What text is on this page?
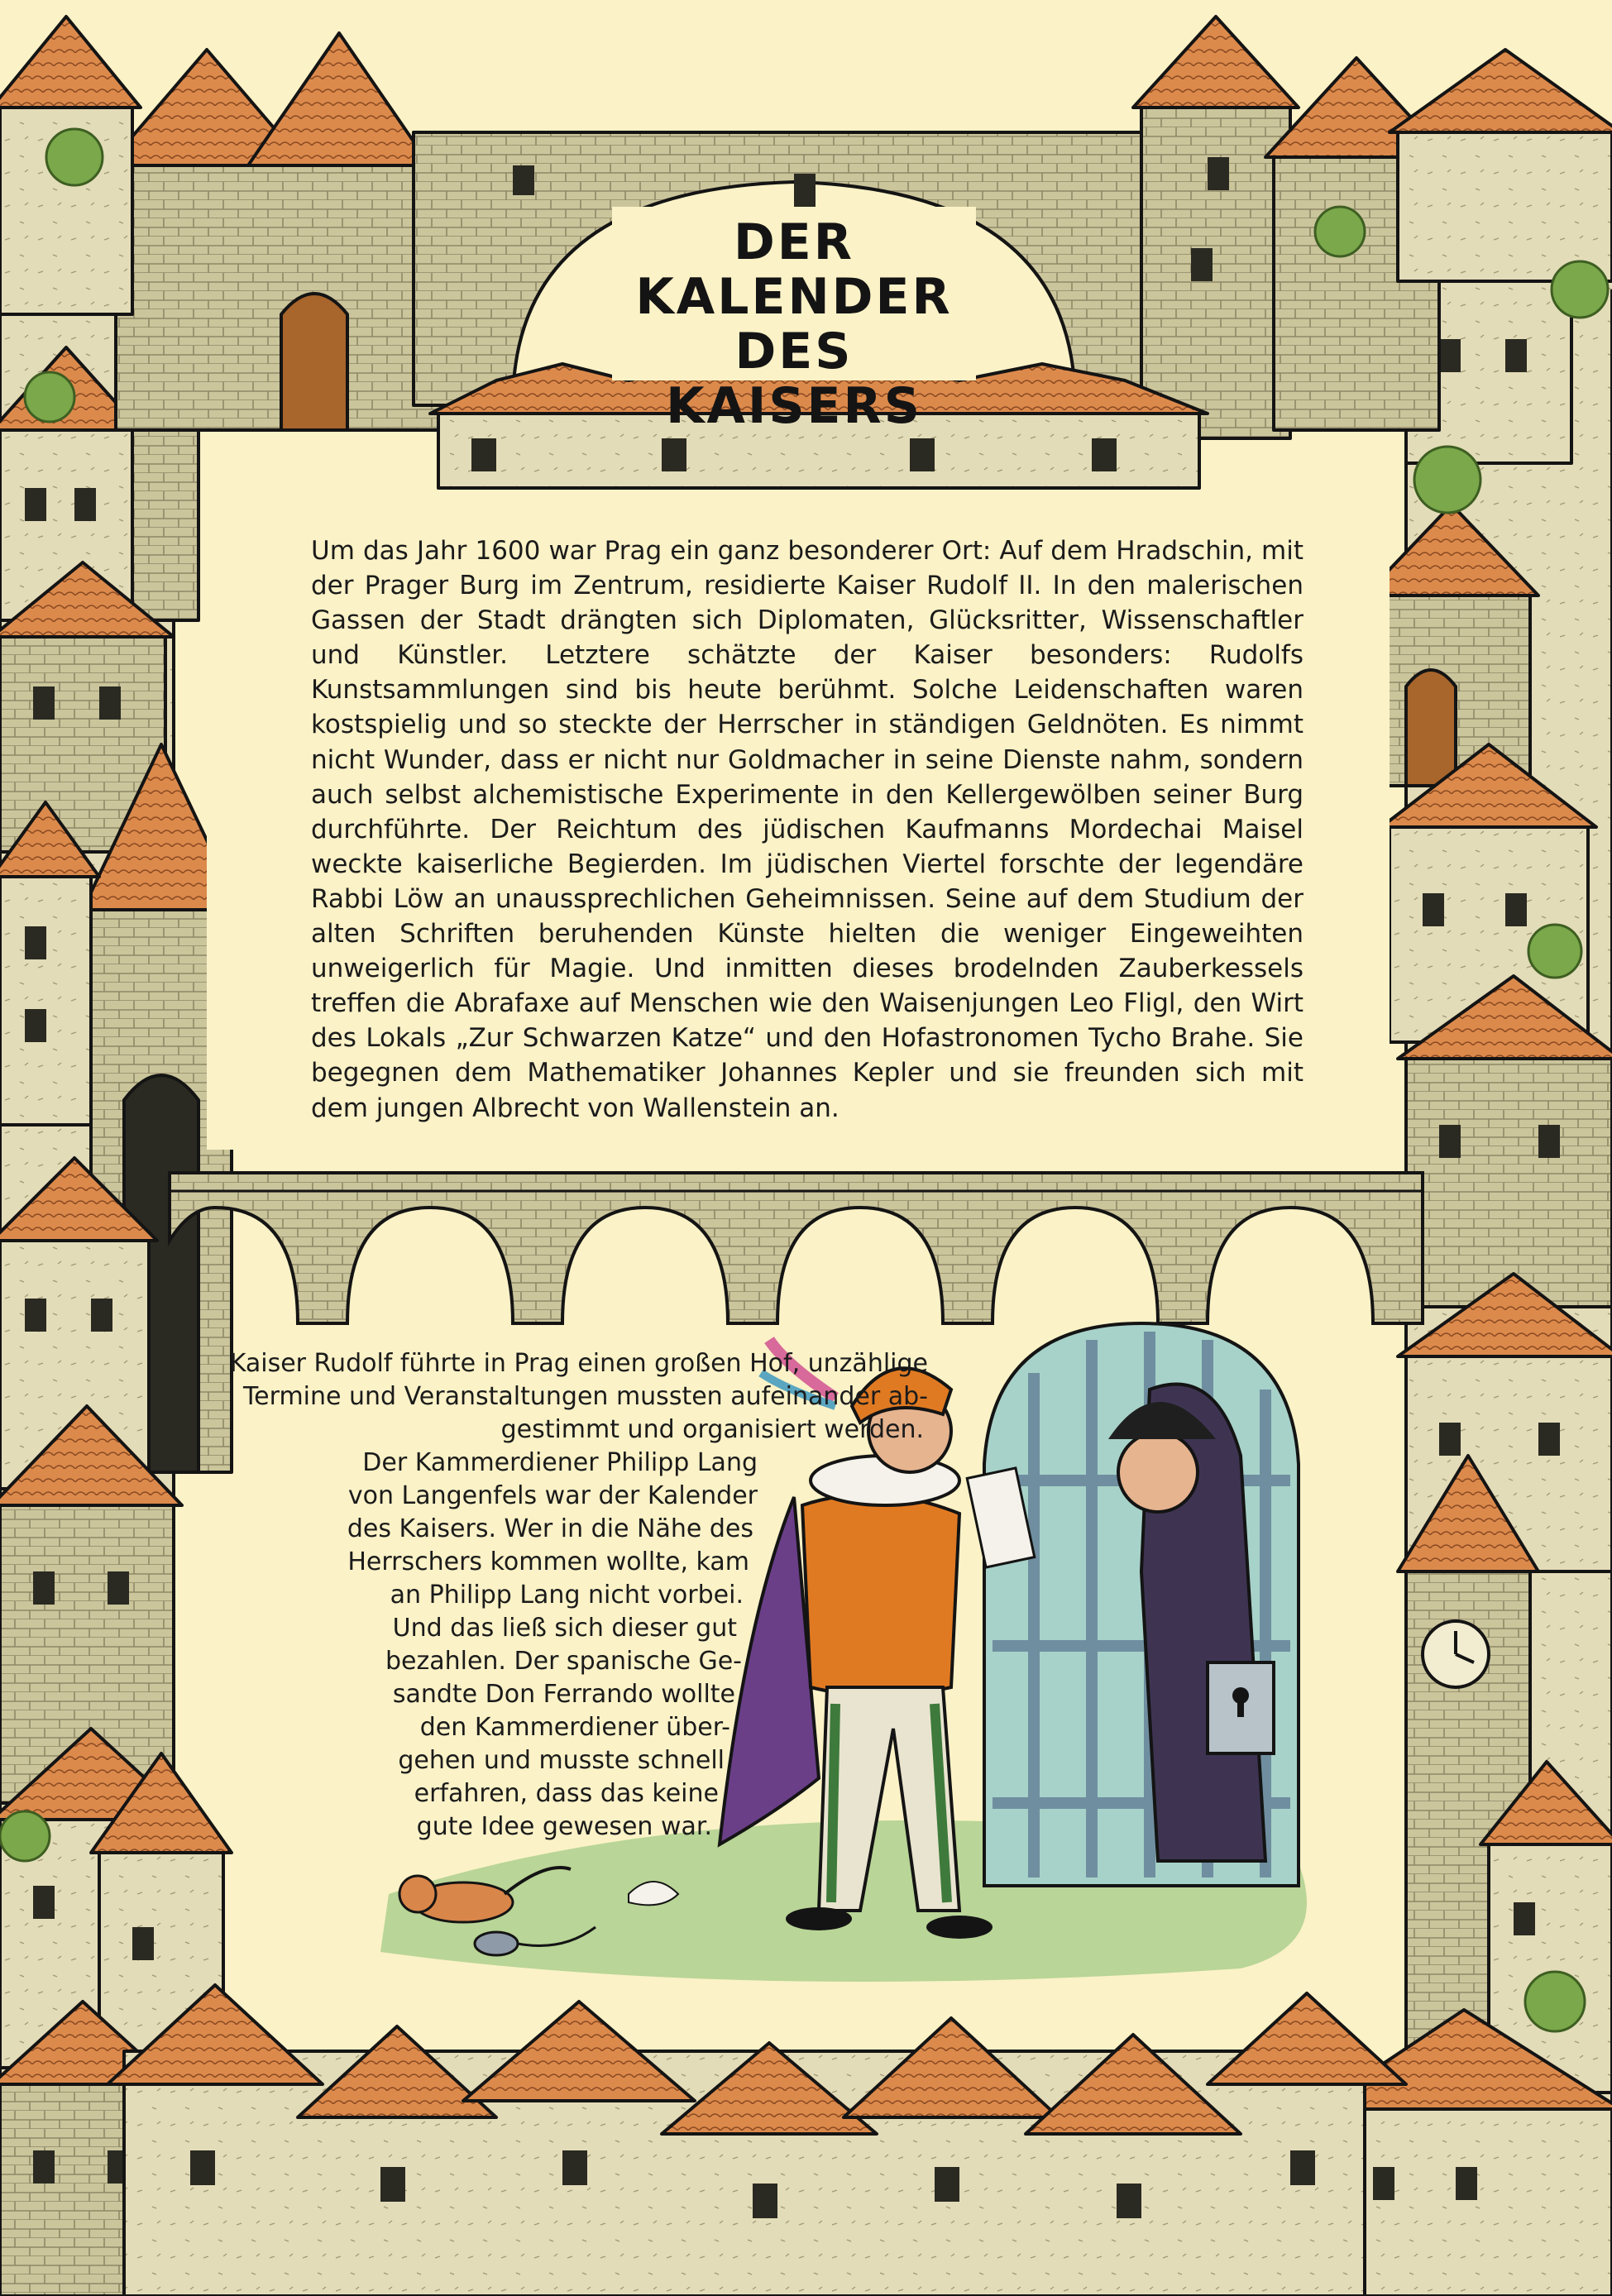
DER
KALENDER
DES KAISERS

Um das Jahr 1600 war Prag ein ganz besonderer Ort: Auf dem Hradschin, mit der Prager Burg im Zentrum, residierte Kaiser Rudolf II. In den malerischen Gassen der Stadt drängten sich Diplomaten, Glücksritter, Wissenschaftler und Künstler. Letztere schätzte der Kaiser besonders: Rudolfs Kunstsammlungen sind bis heute berühmt. Solche Leidenschaften waren kostspielig und so steckte der Herrscher in ständigen Geldnöten. Es nimmt nicht Wunder, dass er nicht nur Goldmacher in seine Dienste nahm, sondern auch selbst alchemistische Experimente in den Kellergewölben seiner Burg durchführte. Der Reichtum des jüdischen Kaufmanns Mordechai Maisel weckte kaiserliche Begierden. Im jüdischen Viertel forschte der legendäre Rabbi Löw an unaussprechlichen Geheimnissen. Seine auf dem Studium der alten Schriften beruhenden Künste hielten die weniger Eingeweihten unweigerlich für Magie. Und inmitten dieses brodelnden Zauberkessels treffen die Abrafaxe auf Menschen wie den Waisenjungen Leo Fligl, den Wirt des Lokals „Zur Schwarzen Katze“ und den Hofastronomen Tycho Brahe. Sie begegnen dem Mathematiker Johannes Kepler und sie freunden sich mit dem jungen Albrecht von Wallenstein an.

Kaiser Rudolf führte in Prag einen großen Hof, unzählige
Termine und Veranstaltungen mussten aufeinander ab-
gestimmt und organisiert werden.
Der Kammerdiener Philipp Lang
von Langenfels war der Kalender
des Kaisers. Wer in die Nähe des
Herrschers kommen wollte, kam
an Philipp Lang nicht vorbei.
Und das ließ sich dieser gut
bezahlen. Der spanische Ge-
sandte Don Ferrando wollte
den Kammerdiener über-
gehen und musste schnell
erfahren, dass das keine
gute Idee gewesen war.
